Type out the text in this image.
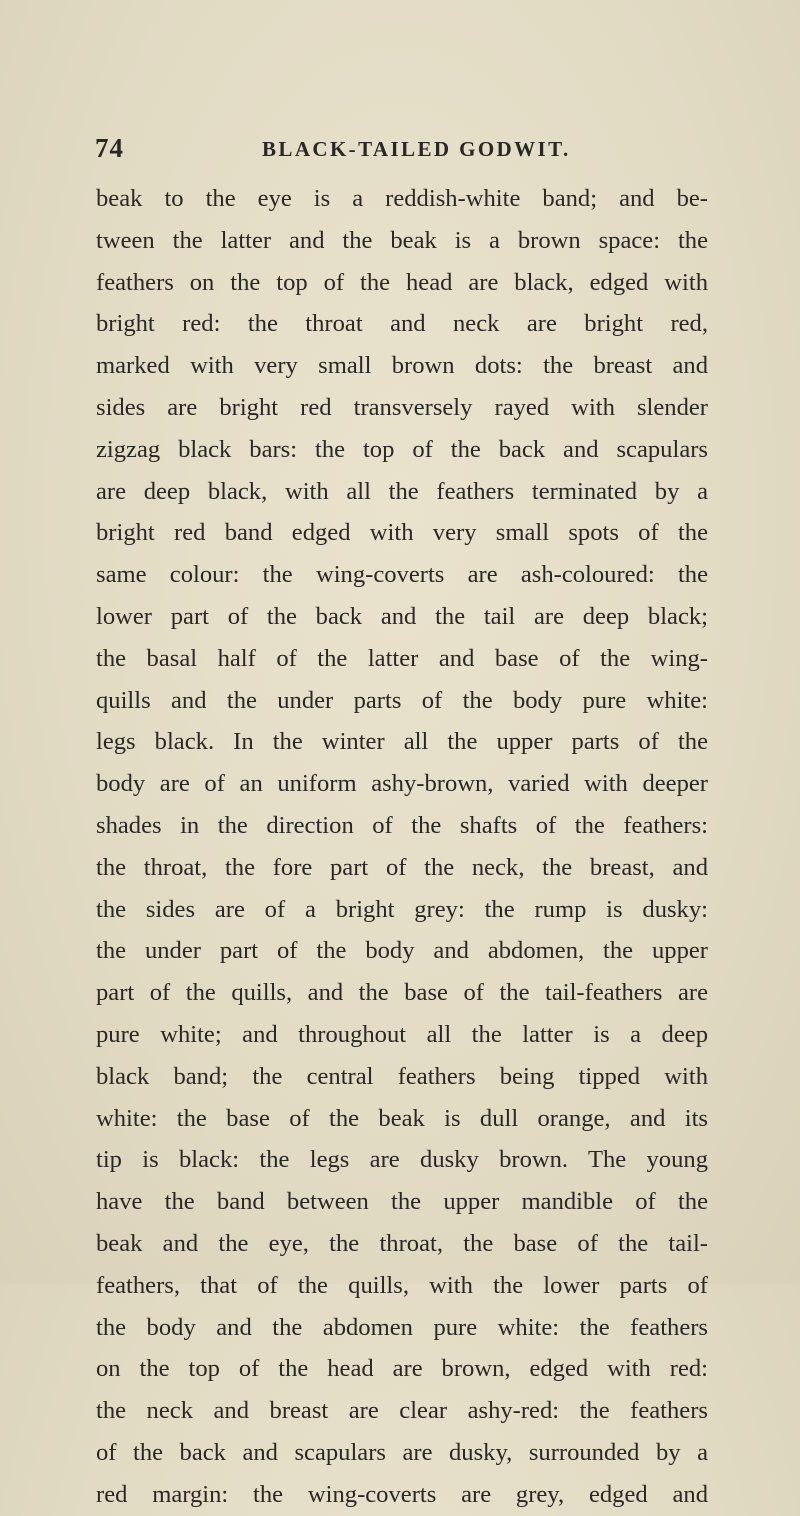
74	BLACK-TAILED GODWIT.
beak to the eye is a reddish-white band; and be-
tween the latter and the beak is a brown space: the
feathers on the top of the head are black, edged with
bright red: the throat and neck are bright red,
marked with very small brown dots: the breast and
sides are bright red transversely rayed with slender
zigzag black bars: the top of the back and scapulars
are deep black, with all the feathers terminated by a
bright red band edged with very small spots of the
same colour: the wing-coverts are ash-coloured: the
lower part of the back and the tail are deep black;
the basal half of the latter and base of the wing-
quills and the under parts of the body pure white:
legs black. In the winter all the upper parts of the
body are of an uniform ashy-brown, varied with deeper
shades in the direction of the shafts of the feathers:
the throat, the fore part of the neck, the breast, and
the sides are of a bright grey: the rump is dusky:
the under part of the body and abdomen, the upper
part of the quills, and the base of the tail-feathers are
pure white; and throughout all the latter is a deep
black band; the central feathers being tipped with
white: the base of the beak is dull orange, and its
tip is black: the legs are dusky brown. The young
have the band between the upper mandible of the
beak and the eye, the throat, the base of the tail-
feathers, that of the quills, with the lower parts of
the body and the abdomen pure white: the feathers
on the top of the head are brown, edged with red:
the neck and breast are clear ashy-red: the feathers
of the back and scapulars are dusky, surrounded by a
red margin: the wing-coverts are grey, edged and
